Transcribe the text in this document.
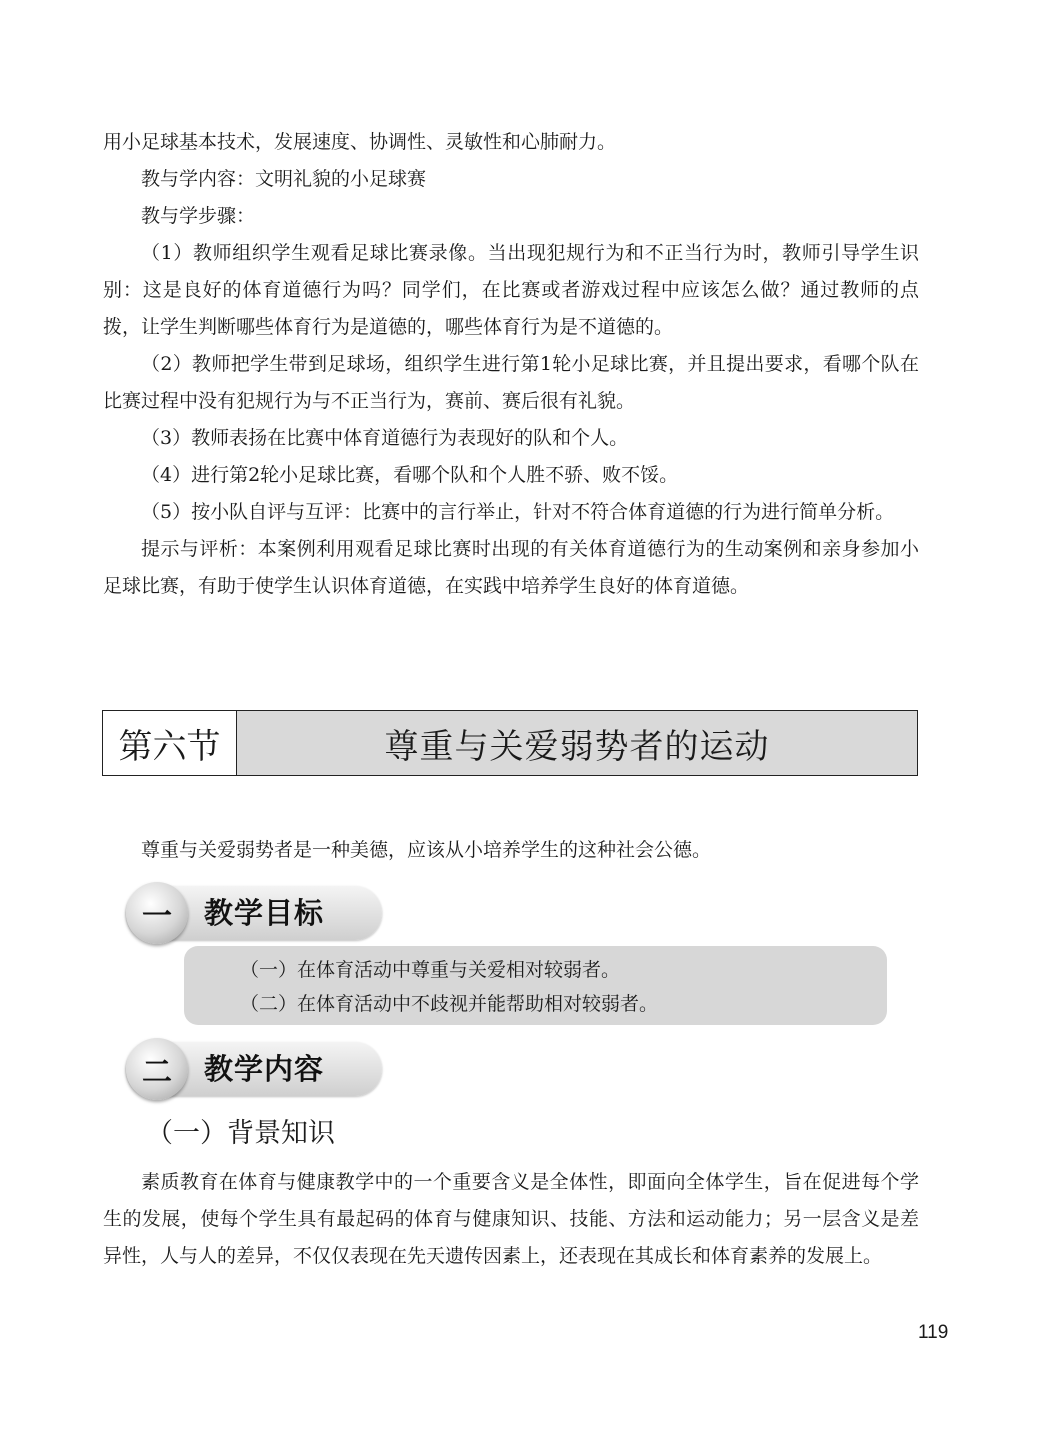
用小足球基本技术，发展速度、协调性、灵敏性和心肺耐力。

教与学内容：文明礼貌的小足球赛

教与学步骤：

（1）教师组织学生观看足球比赛录像。当出现犯规行为和不正当行为时，教师引导学生识别：这是良好的体育道德行为吗？同学们，在比赛或者游戏过程中应该怎么做？通过教师的点拨，让学生判断哪些体育行为是道德的，哪些体育行为是不道德的。

（2）教师把学生带到足球场，组织学生进行第1轮小足球比赛，并且提出要求，看哪个队在比赛过程中没有犯规行为与不正当行为，赛前、赛后很有礼貌。

（3）教师表扬在比赛中体育道德行为表现好的队和个人。

（4）进行第2轮小足球比赛，看哪个队和个人胜不骄、败不馁。

（5）按小队自评与互评：比赛中的言行举止，针对不符合体育道德的行为进行简单分析。

提示与评析：本案例利用观看足球比赛时出现的有关体育道德行为的生动案例和亲身参加小足球比赛，有助于使学生认识体育道德，在实践中培养学生良好的体育道德。

第六节	尊重与关爱弱势者的运动
尊重与关爱弱势者是一种美德，应该从小培养学生的这种社会公德。
一	教学目标
（一）在体育活动中尊重与关爱相对较弱者。
（二）在体育活动中不歧视并能帮助相对较弱者。
二	教学内容
（一）背景知识

素质教育在体育与健康教学中的一个重要含义是全体性，即面向全体学生，旨在促进每个学生的发展，使每个学生具有最起码的体育与健康知识、技能、方法和运动能力；另一层含义是差异性，人与人的差异，不仅仅表现在先天遗传因素上，还表现在其成长和体育素养的发展上。

119
